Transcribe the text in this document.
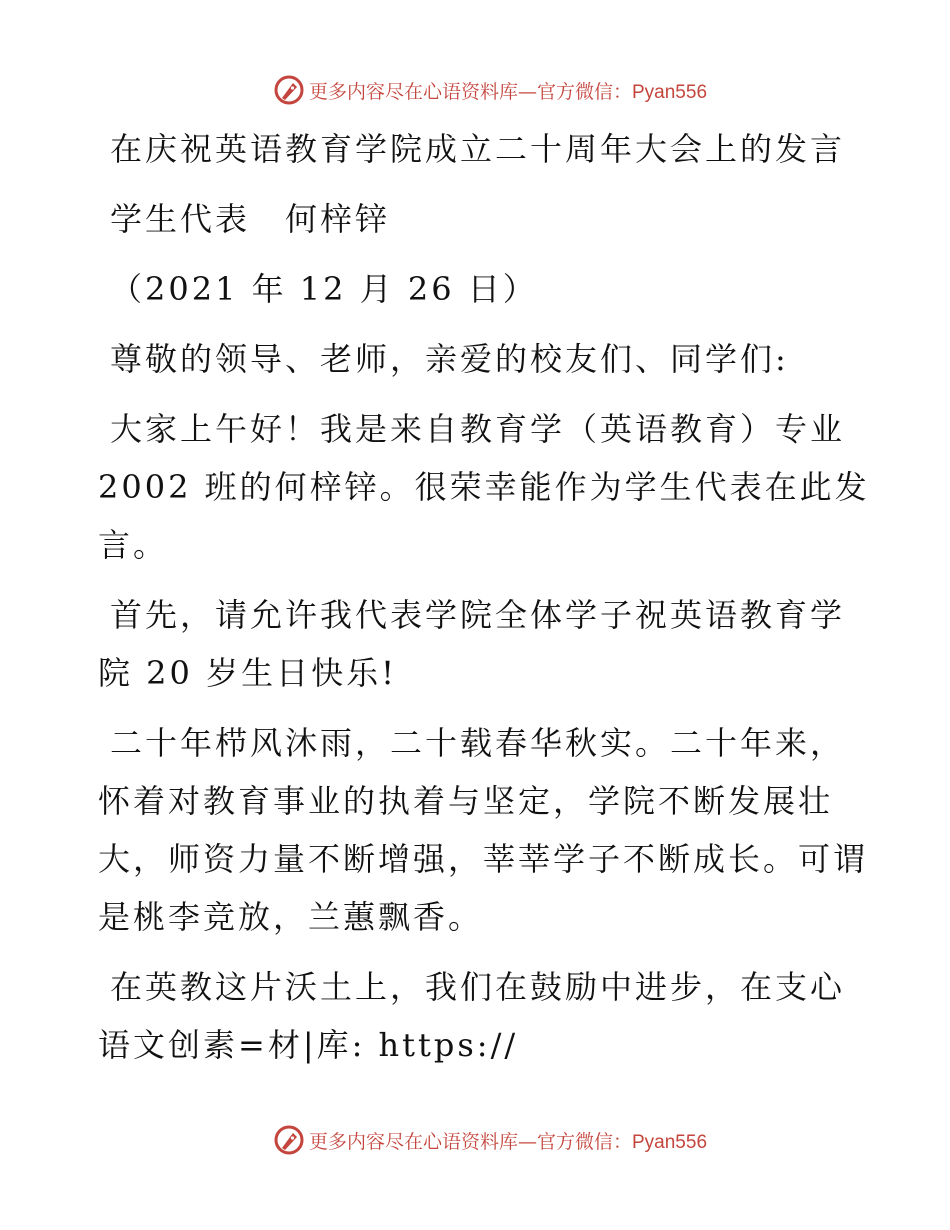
更多内容尽在心语资料库—官方微信：Pyan556

在庆祝英语教育学院成立二十周年大会上的发言

学生代表　何梓锌

（2021 年 12 月 26 日）

尊敬的领导、老师，亲爱的校友们、同学们:

大家上午好！我是来自教育学（英语教育）专业

2002 班的何梓锌。很荣幸能作为学生代表在此发

言。

首先，请允许我代表学院全体学子祝英语教育学

院 20 岁生日快乐!

二十年栉风沐雨，二十载春华秋实。二十年来，

怀着对教育事业的执着与坚定，学院不断发展壮

大，师资力量不断增强，莘莘学子不断成长。可谓

是桃李竞放，兰蕙飘香。

在英教这片沃土上，我们在鼓励中进步，在支心

语文创素=材|库: https://

更多内容尽在心语资料库—官方微信：Pyan556
